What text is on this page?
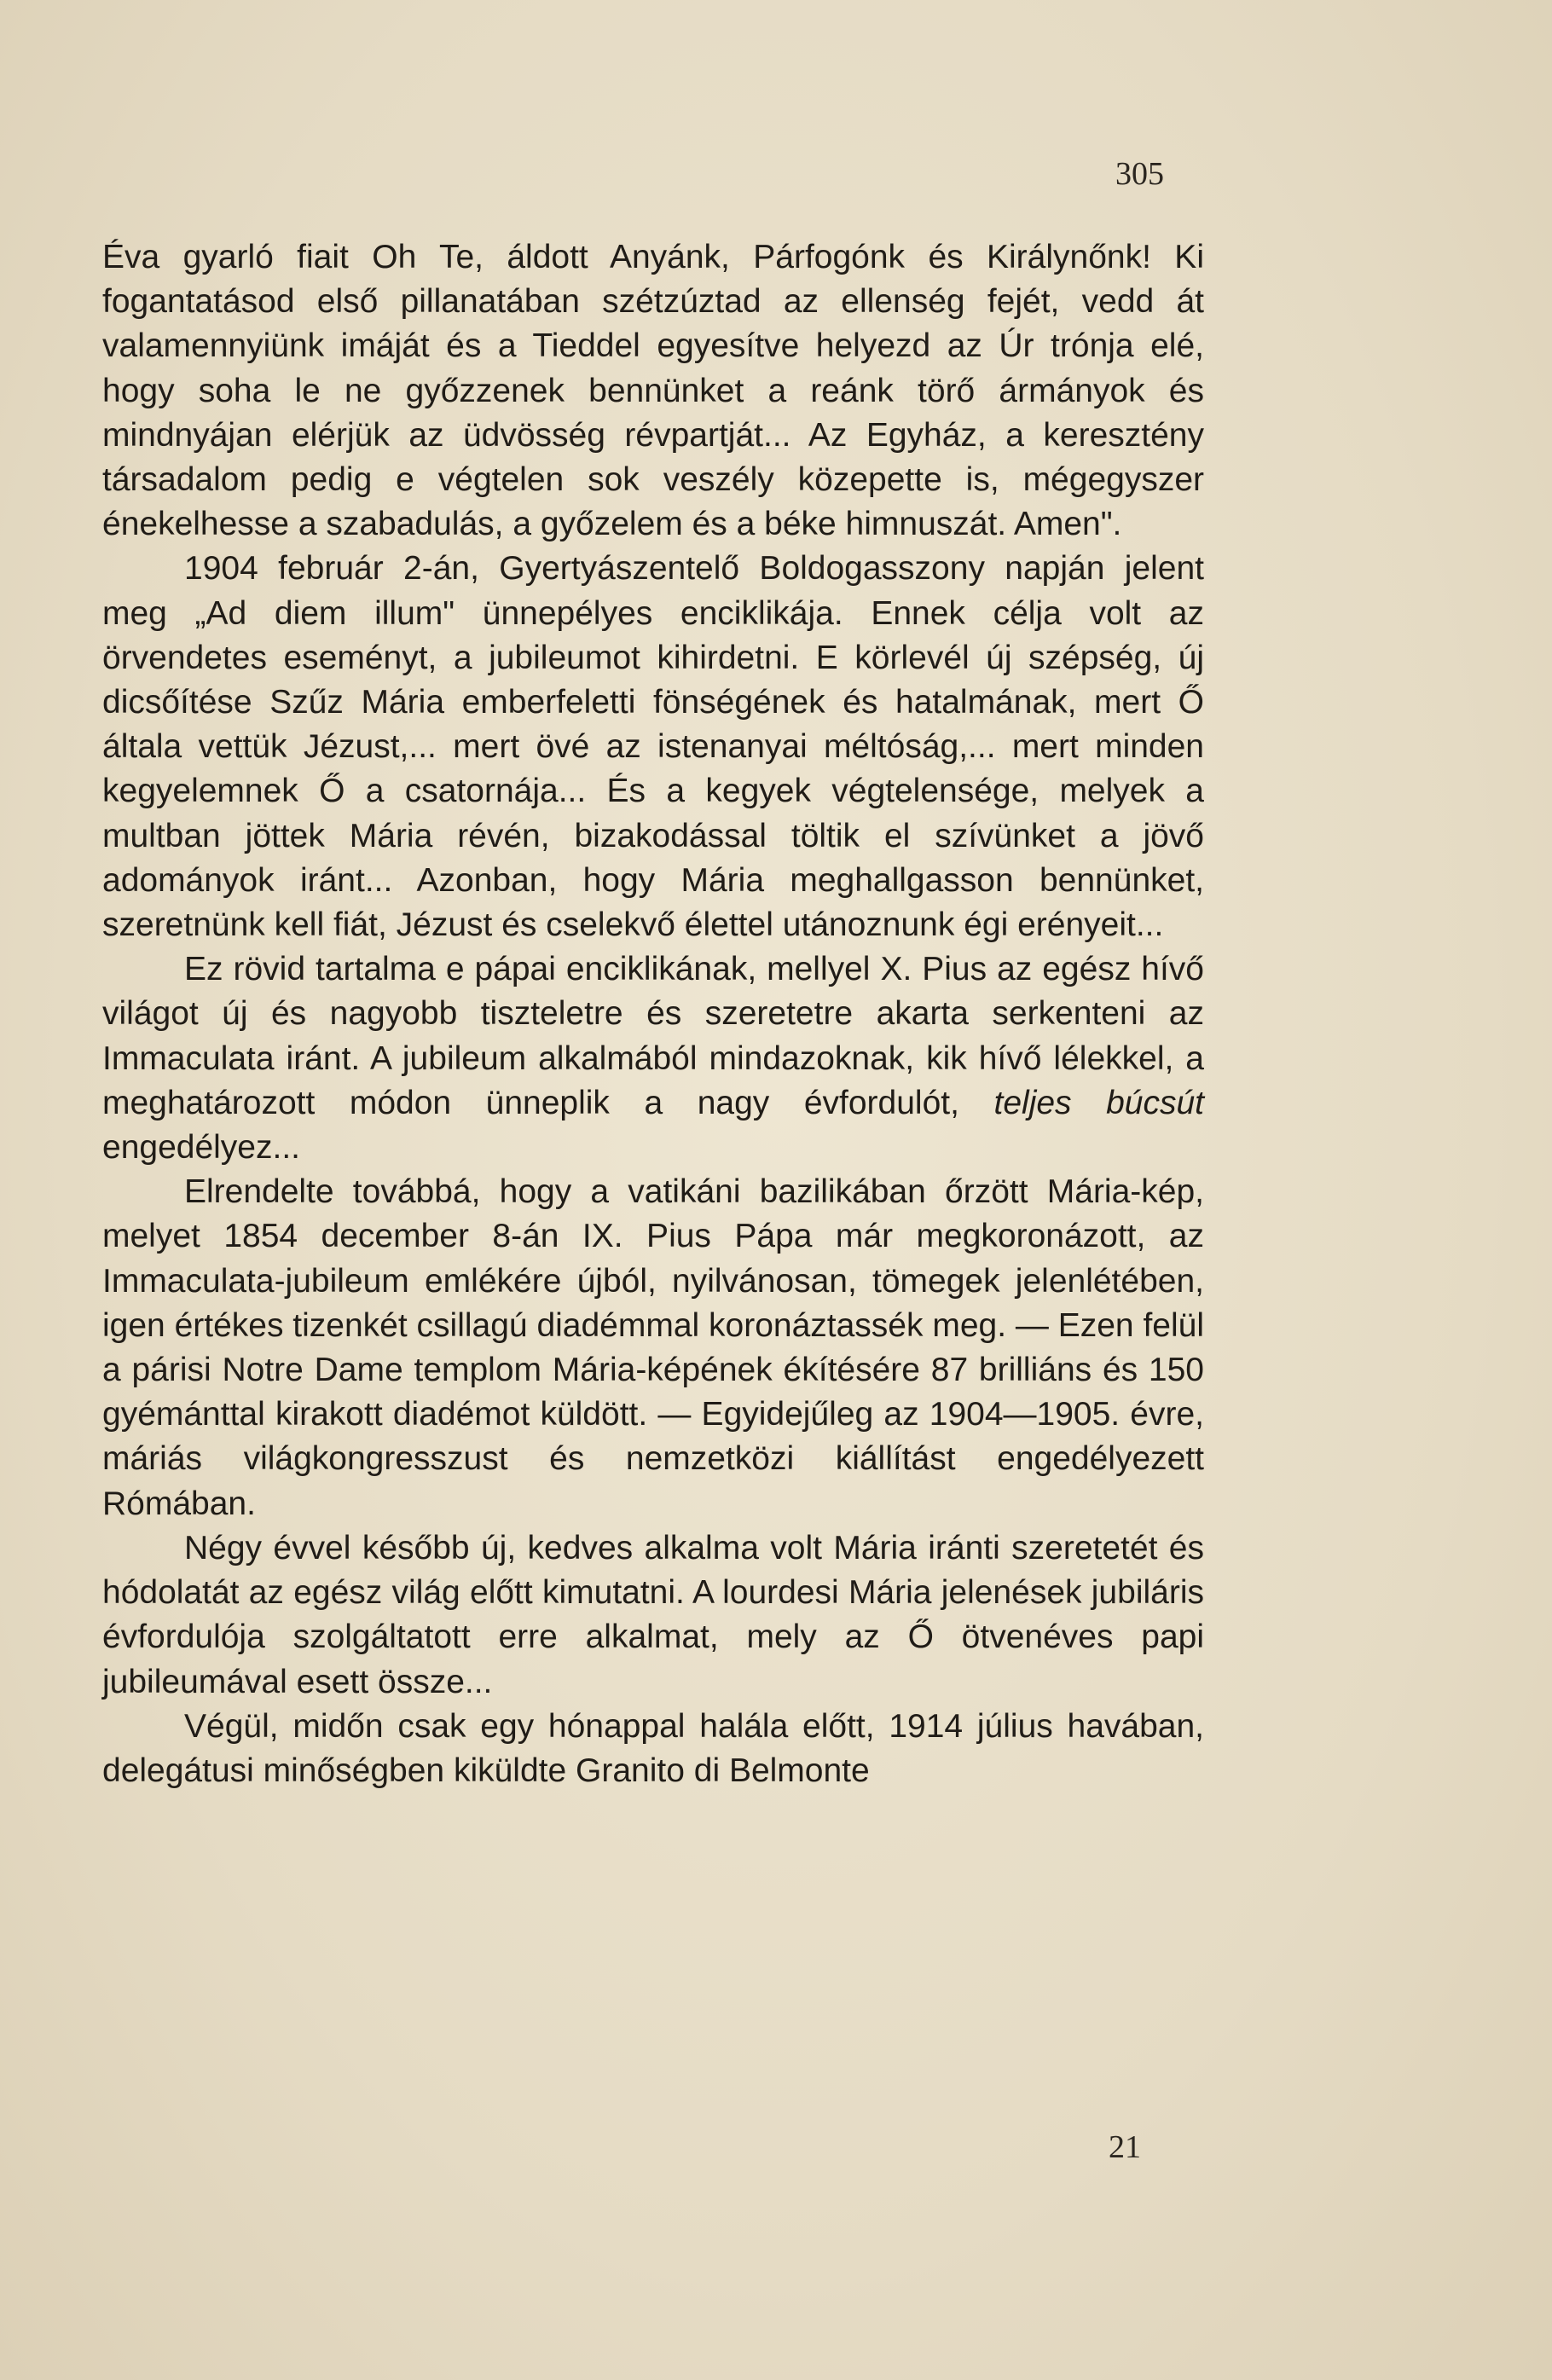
305

Éva gyarló fiait Oh Te, áldott Anyánk, Párfogónk és Királynőnk! Ki fogantatásod első pillanatában szétzúztad az ellenség fejét, vedd át valamennyiünk imáját és a Tieddel egyesítve helyezd az Úr trónja elé, hogy soha le ne győzzenek bennünket a reánk törő ármányok és mindnyájan elérjük az üdvösség révpartját... Az Egyház, a keresztény társadalom pedig e végtelen sok veszély közepette is, mégegyszer énekelhesse a szabadulás, a győzelem és a béke himnuszát. Amen".

1904 február 2-án, Gyertyászentelő Boldogasszony napján jelent meg „Ad diem illum" ünnepélyes enciklikája. Ennek célja volt az örvendetes eseményt, a jubileumot kihirdetni. E körlevél új szépség, új dicsőítése Szűz Mária emberfeletti fönségének és hatalmának, mert Ő általa vettük Jézust,... mert övé az istenanyai méltóság,... mert minden kegyelemnek Ő a csatornája... És a kegyek végtelensége, melyek a multban jöttek Mária révén, bizakodással töltik el szívünket a jövő adományok iránt... Azonban, hogy Mária meghallgasson bennünket, szeretnünk kell fiát, Jézust és cselekvő élettel utánoznunk égi erényeit...

Ez rövid tartalma e pápai enciklikának, mellyel X. Pius az egész hívő világot új és nagyobb tiszteletre és szeretetre akarta serkenteni az Immaculata iránt. A jubileum alkalmából mindazoknak, kik hívő lélekkel, a meghatározott módon ünneplik a nagy évfordulót, teljes búcsút engedélyez...

Elrendelte továbbá, hogy a vatikáni bazilikában őrzött Mária-kép, melyet 1854 december 8-án IX. Pius Pápa már megkoronázott, az Immaculata-jubileum emlékére újból, nyilvánosan, tömegek jelenlétében, igen értékes tizenkét csillagú diadémmal koronáztassék meg. — Ezen felül a párisi Notre Dame templom Mária-képének ékítésére 87 brilliáns és 150 gyémánttal kirakott diadémot küldött. — Egyidejűleg az 1904—1905. évre, máriás világkongresszust és nemzetközi kiállítást engedélyezett Rómában.

Négy évvel később új, kedves alkalma volt Mária iránti szeretetét és hódolatát az egész világ előtt kimutatni. A lourdesi Mária jelenések jubiláris évfordulója szolgáltatott erre alkalmat, mely az Ő ötvenéves papi jubileumával esett össze...

Végül, midőn csak egy hónappal halála előtt, 1914 július havában, delegátusi minőségben kiküldte Granito di Belmonte

21
